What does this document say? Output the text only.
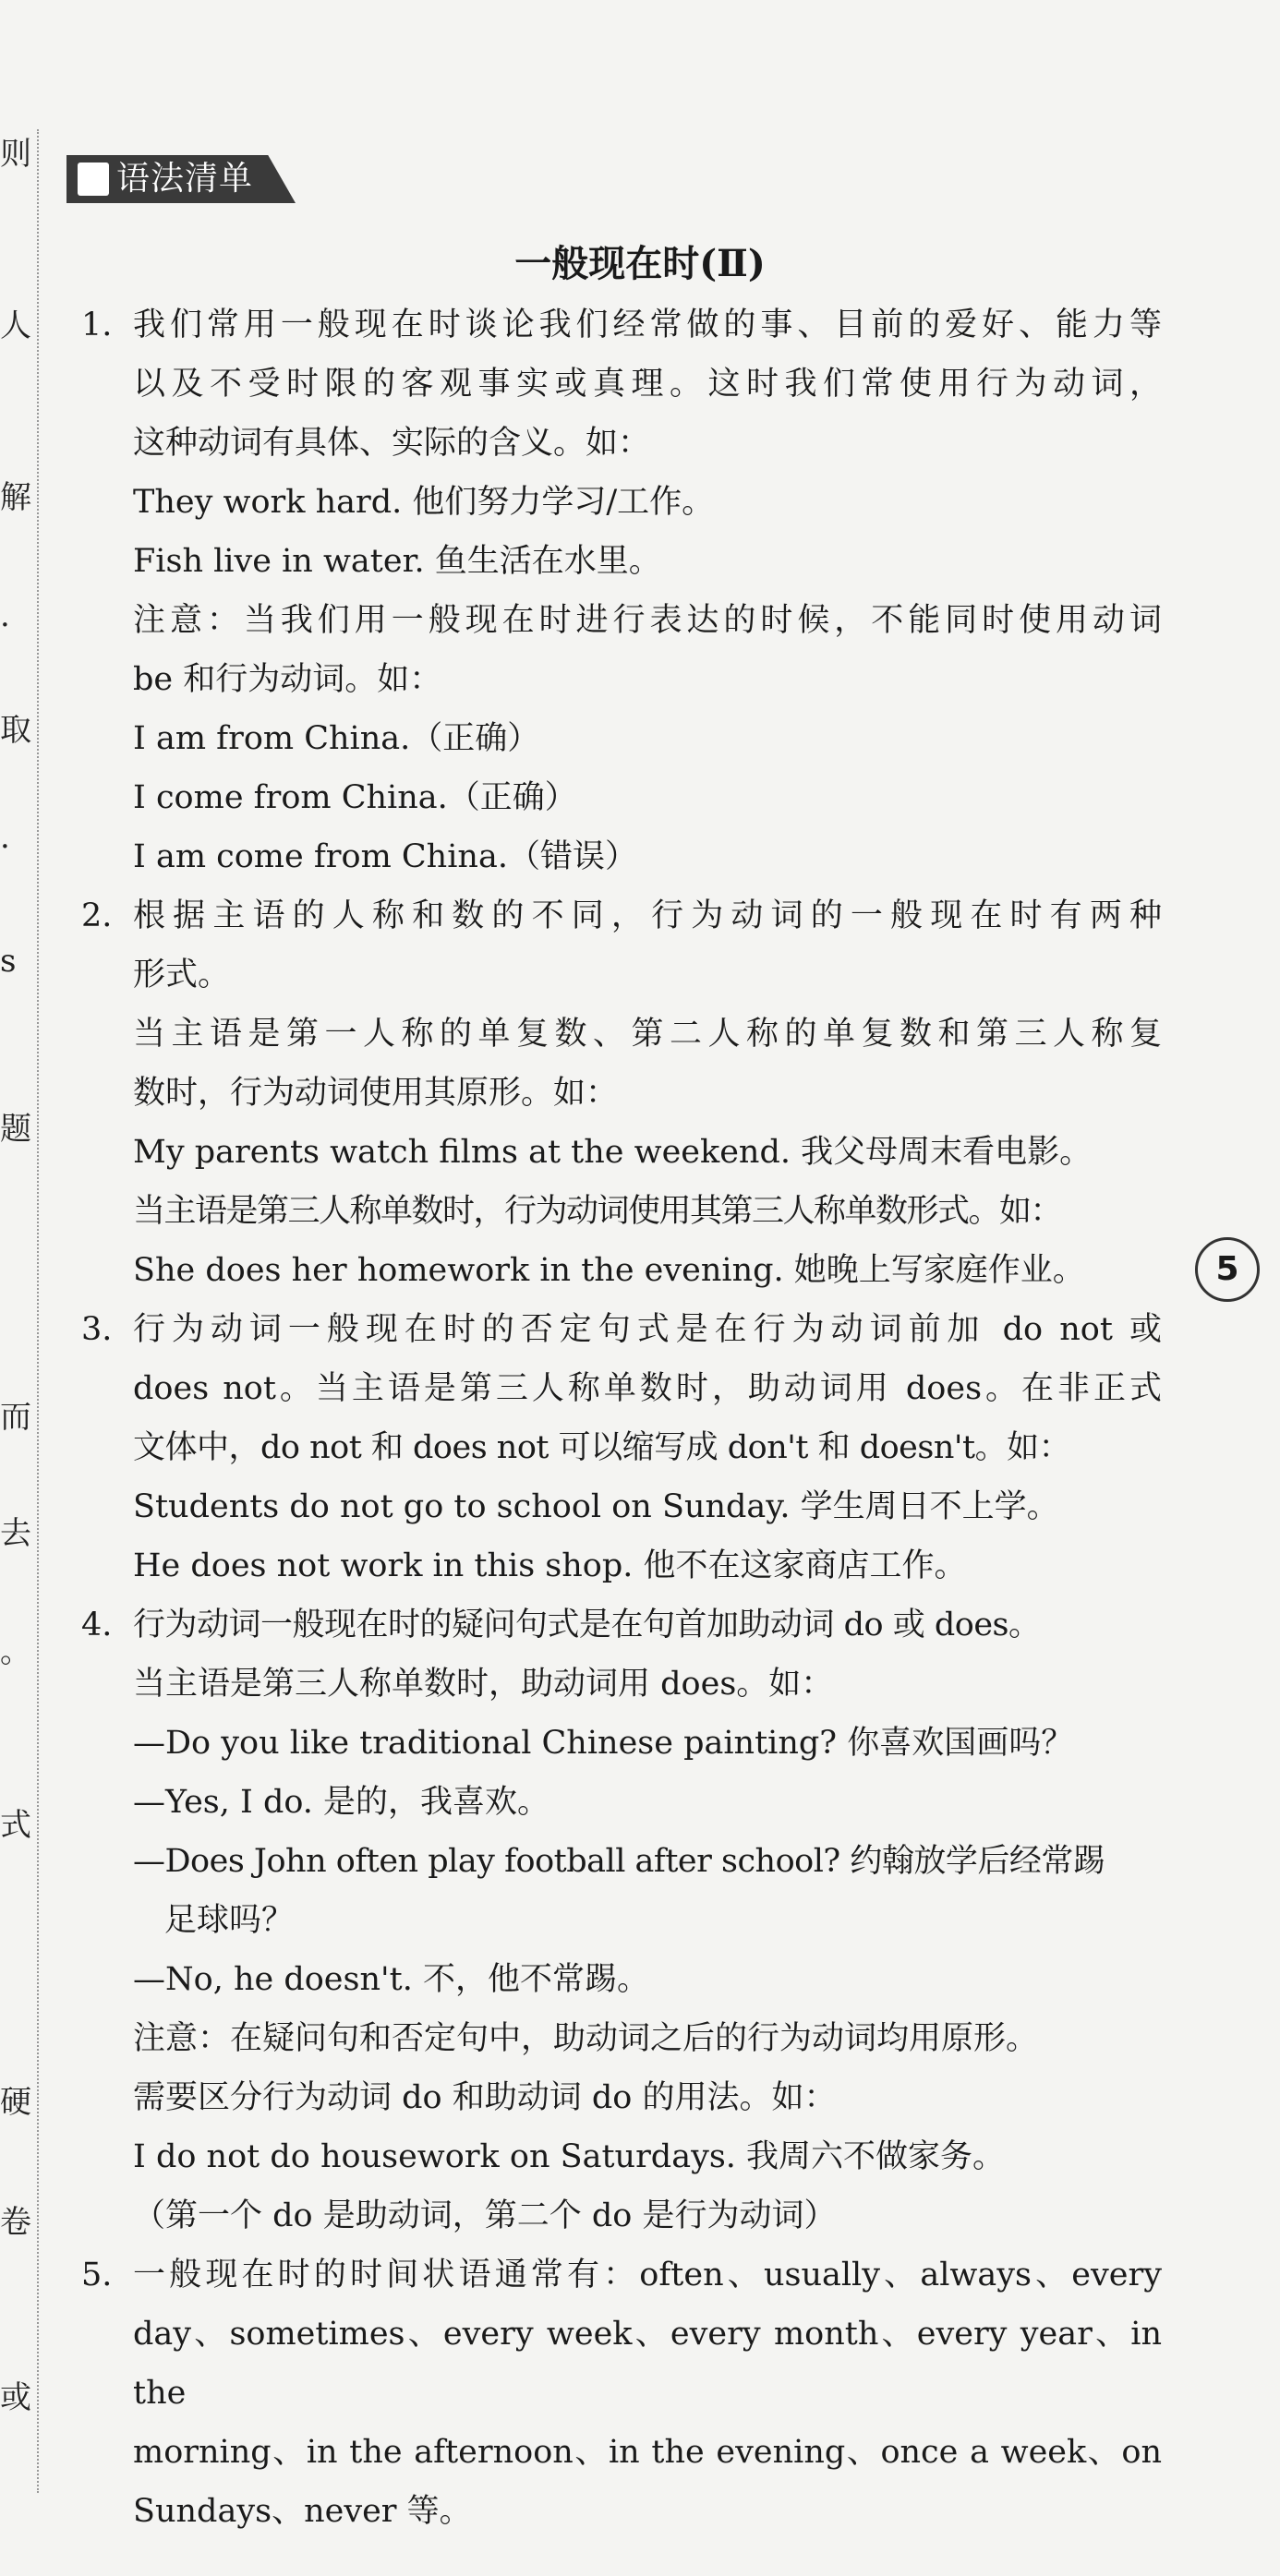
则
人
解
·
取
·
s
题
而
去
。
式
硬
卷
或
语法清单
一般现在时(Ⅱ)
5
1. 我们常用一般现在时谈论我们经常做的事、目前的爱好、能力等
以及不受时限的客观事实或真理。这时我们常使用行为动词，
这种动词有具体、实际的含义。如：
They work hard. 他们努力学习/工作。
Fish live in water. 鱼生活在水里。
注意：当我们用一般现在时进行表达的时候，不能同时使用动词
be 和行为动词。如：
I am from China.（正确）
I come from China.（正确）
I am come from China.（错误）
2. 根据主语的人称和数的不同，行为动词的一般现在时有两种
形式。
当主语是第一人称的单复数、第二人称的单复数和第三人称复
数时，行为动词使用其原形。如：
My parents watch films at the weekend. 我父母周末看电影。
当主语是第三人称单数时，行为动词使用其第三人称单数形式。如：
She does her homework in the evening. 她晚上写家庭作业。
3. 行为动词一般现在时的否定句式是在行为动词前加 do not 或
does not。当主语是第三人称单数时，助动词用 does。在非正式
文体中，do not 和 does not 可以缩写成 don't 和 doesn't。如：
Students do not go to school on Sunday. 学生周日不上学。
He does not work in this shop. 他不在这家商店工作。
4. 行为动词一般现在时的疑问句式是在句首加助动词 do 或 does。
当主语是第三人称单数时，助动词用 does。如：
—Do you like traditional Chinese painting? 你喜欢国画吗？
—Yes, I do. 是的，我喜欢。
—Does John often play football after school? 约翰放学后经常踢
足球吗？
—No, he doesn't. 不，他不常踢。
注意：在疑问句和否定句中，助动词之后的行为动词均用原形。
需要区分行为动词 do 和助动词 do 的用法。如：
I do not do housework on Saturdays. 我周六不做家务。
（第一个 do 是助动词，第二个 do 是行为动词）
5. 一般现在时的时间状语通常有：often、usually、always、every
day、sometimes、every week、every month、every year、in the
morning、in the afternoon、in the evening、once a week、on
Sundays、never 等。
